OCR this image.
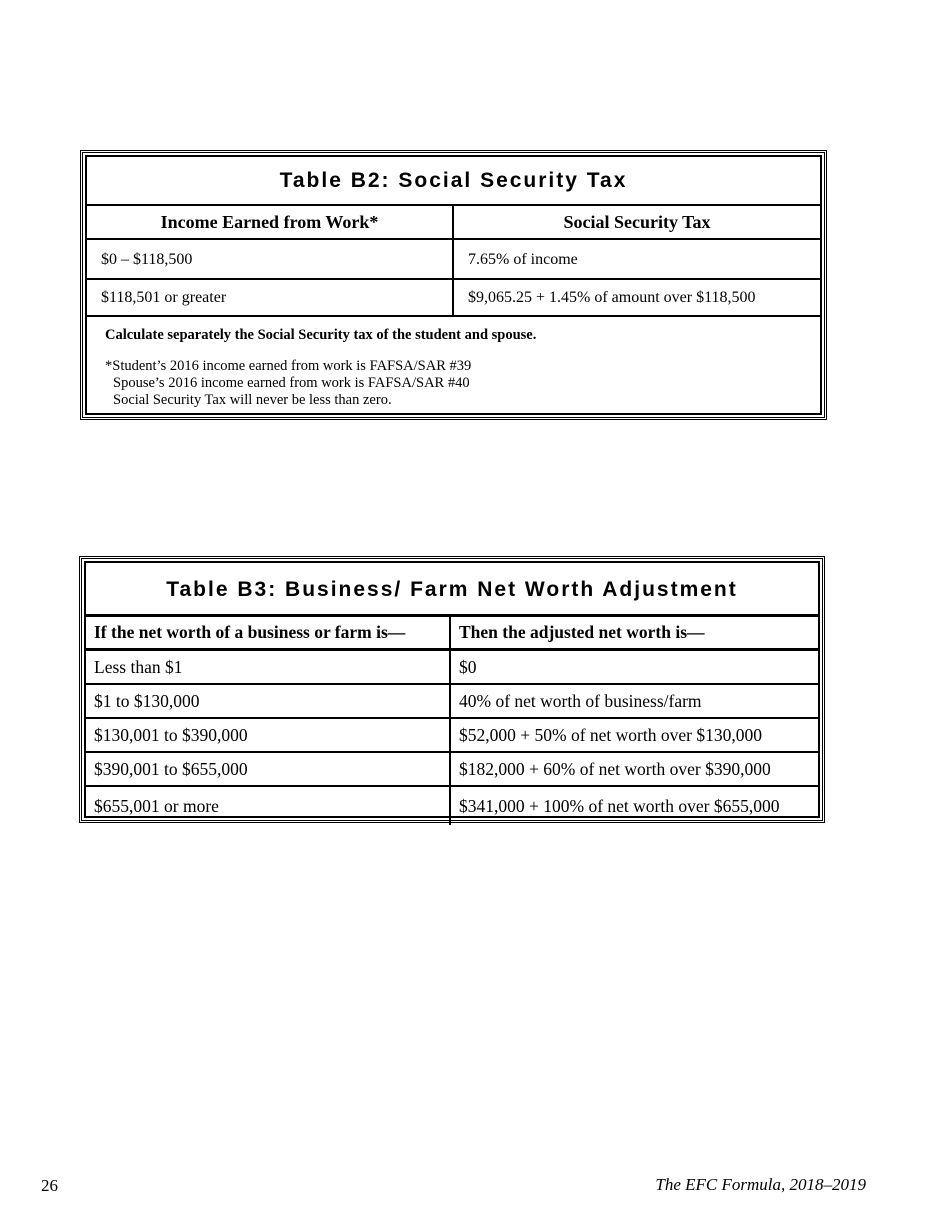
Table B2: Social Security Tax
Income Earned from Work*	Social Security Tax
$0 – $118,500	7.65% of income
$118,501 or greater	$9,065.25 + 1.45% of amount over $118,500
Calculate separately the Social Security tax of the student and spouse.
*Student’s 2016 income earned from work is FAFSA/SAR #39
Spouse’s 2016 income earned from work is FAFSA/SAR #40
Social Security Tax will never be less than zero.
Table B3: Business/ Farm Net Worth Adjustment
If the net worth of a business or farm is—	Then the adjusted net worth is—
Less than $1	$0
$1 to $130,000	40% of net worth of business/farm
$130,001 to $390,000	$52,000 + 50% of net worth over $130,000
$390,001 to $655,000	$182,000 + 60% of net worth over $390,000
$655,001 or more	$341,000 + 100% of net worth over $655,000
26	The EFC Formula, 2018–2019
